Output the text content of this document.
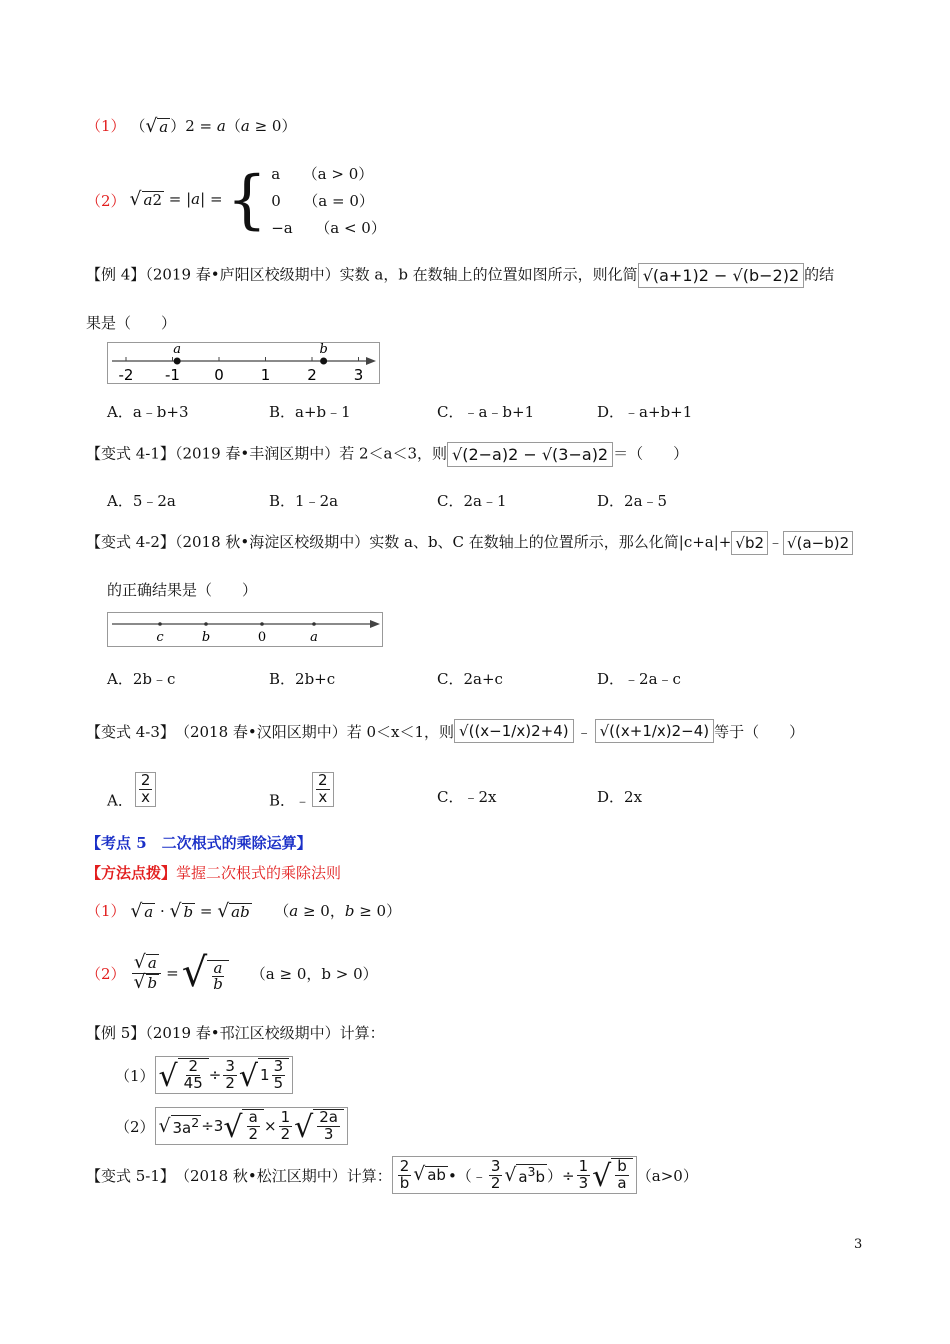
（1） （ √ a ）2 = a（a ≥ 0）
（2） √ a2 = |a| = { a　　（a > 0）
0　　（a = 0）
−a　　（a < 0）
【例 4】（2019 春•庐阳区校级期中）实数 a，b 在数轴上的位置如图所示，则化简 √(a+1)2 − √(b−2)2 的结
果是（　　）
-2 -1 0 1 2 3
a	b
A．a﹣b+3	B．a+b﹣1	C．﹣a﹣b+1	D．﹣a+b+1
【变式 4-1】（2019 春•丰润区期中）若 2＜a＜3，则 √(2−a)2 − √(3−a)2 ＝（　　）
A．5﹣2a	B．1﹣2a	C．2a﹣1	D．2a﹣5
【变式 4-2】（2018 秋•海淀区校级期中）实数 a、b、C 在数轴上的位置所示，那么化简|c+a|+ √b2 ﹣ √(a−b)2
的正确结果是（　　）
c	b	0	a
A．2b﹣c	B．2b+c	C．2a+c	D．﹣2a﹣c
【变式 4-3】 （2018 春•汉阳区期中）若 0＜x＜1，则 √((x−1/x)2+4) ﹣ √((x+1/x)2−4) 等于（　　）
A． $\frac{2}{x}$	B．﹣ $\frac{2}{x}$	C．﹣2x	D．2x
【考点 5　二次根式的乘除运算】
【方法点拨】掌握二次根式的乘除法则
（1） √ a · √ b = √ ab 　　（a ≥ 0，b ≥ 0）
$(2) \frac{√ a}{√ b}$ = √ $\frac{a}{b} (a \ge 0$，b > 0）
【例 5】（2019 春•邗江区校级期中）计算：
（1） √ $\frac{2}{45} \div \frac{3}{2}$ √ $1 \frac{3}{5}$
（2） √ $3a^2 \div 3$ √ $\frac{a}{2} \times \frac{1}{2}$ √ $\frac{2a}{3}$
【变式 5-1】 （2018 秋•松江区期中）计算： $\frac{2}{b}$ √ ab •（﹣ $\frac{3}{2}$ √ $a^3b$ ）÷ $\frac{1}{3}$ √ $\frac{b}{a} (a>0)$
3
